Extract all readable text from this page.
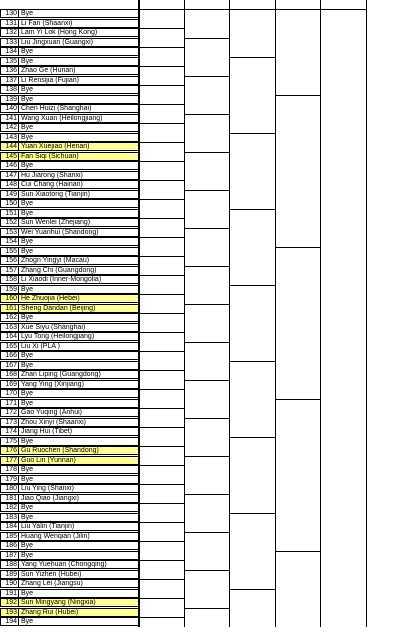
130 Bye
131 Li Fan (Shaanxi)
132 Lam Yi Lok (Hong Kong)
133 Liu Jingxuan (Guangxi)
134 Bye
135 Bye
136 Zhao Ge (Hunan)
137 Li Rensijia (Fujian)
138 Bye
139 Bye
140 Chen Huizi (Shanghai)
141 Wang Xuan (Heilongjiang)
142 Bye
143 Bye
144 Yuan Xuejiao (Henan)
145 Fan Siqi (Sichuan)
146 Bye
147 Hu Jiarong (Shanxi)
148 Cui Chang (Hainan)
149 Sun Xiaotong (Tianjin)
150 Bye
151 Bye
152 Sun Wenlei (Zhejiang)
153 Wei Yuanhui (Shandong)
154 Bye
155 Bye
156 Zhogn Yingyi (Macau)
157 Zhang Chi (Guangdong)
158 Li Xiaodi (Inner-Mongolia)
159 Bye
160 He Zhuojia (Hebei)
161 Sheng Dandan (Beijing)
162 Bye
163 Xue Siyu (Shanghai)
164 Lyu Tong (Heilongjiang)
165 Liu Xi (PLA )
166 Bye
167 Bye
168 Zhan Liping (Guangdong)
169 Yang Ying (Xinjiang)
170 Bye
171 Bye
172 Gao Yuqing (Anhui)
173 Zhou Xinyi (Shaanxi)
174 Jiang Hui (Tibet)
175 Bye
176 Gu Ruochen (Shandong)
177 Guo Lin (Yunnan)
178 Bye
179 Bye
180 Liu Ying (Shanxi)
181 Jiao Qiao (Jiangxi)
182 Bye
183 Bye
184 Liu Yalin (Tianjin)
185 Huang Wenqian (Jilin)
186 Bye
187 Bye
188 Yang Yuehuan (Chongqing)
189 Sun Yizhen (Hubei)
190 Zhang Lei (Jiangsu)
191 Bye
192 Sun Mingyang (Ningxia)
193 Zhang Rui (Hubei)
194 Bye
